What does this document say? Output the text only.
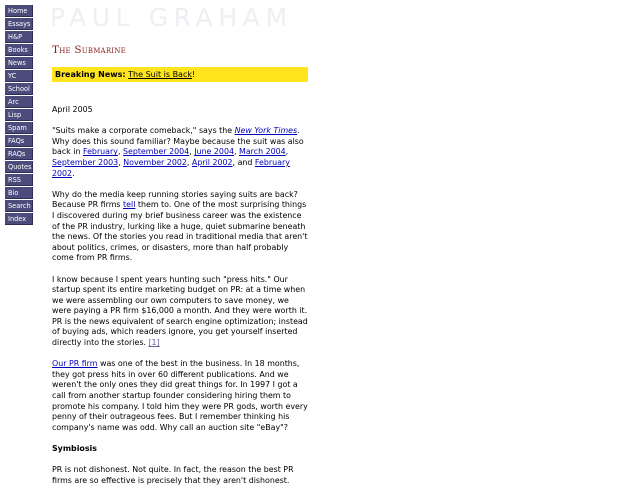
Home
Essays
H&P
Books
News
YC
School
Arc
Lisp
Spam
FAQs
RAQs
Quotes
RSS
Bio
Search
Index
PAUL GRAHAM
The Submarine
Breaking News: The Suit is Back!

April 2005

"Suits make a corporate comeback," says the New York Times. Why does this sound familiar? Maybe because the suit was also back in February, September 2004, June 2004, March 2004, September 2003, November 2002, April 2002, and February 2002.

Why do the media keep running stories saying suits are back? Because PR firms tell them to. One of the most surprising things I discovered during my brief business career was the existence of the PR industry, lurking like a huge, quiet submarine beneath the news. Of the stories you read in traditional media that aren't about politics, crimes, or disasters, more than half probably come from PR firms.

I know because I spent years hunting such "press hits." Our startup spent its entire marketing budget on PR: at a time when we were assembling our own computers to save money, we were paying a PR firm $16,000 a month. And they were worth it. PR is the news equivalent of search engine optimization; instead of buying ads, which readers ignore, you get yourself inserted directly into the stories. [1]

Our PR firm was one of the best in the business. In 18 months, they got press hits in over 60 different publications. And we weren't the only ones they did great things for. In 1997 I got a call from another startup founder considering hiring them to promote his company. I told him they were PR gods, worth every penny of their outrageous fees. But I remember thinking his company's name was odd. Why call an auction site "eBay"?

Symbiosis

PR is not dishonest. Not quite. In fact, the reason the best PR firms are so effective is precisely that they aren't dishonest.
